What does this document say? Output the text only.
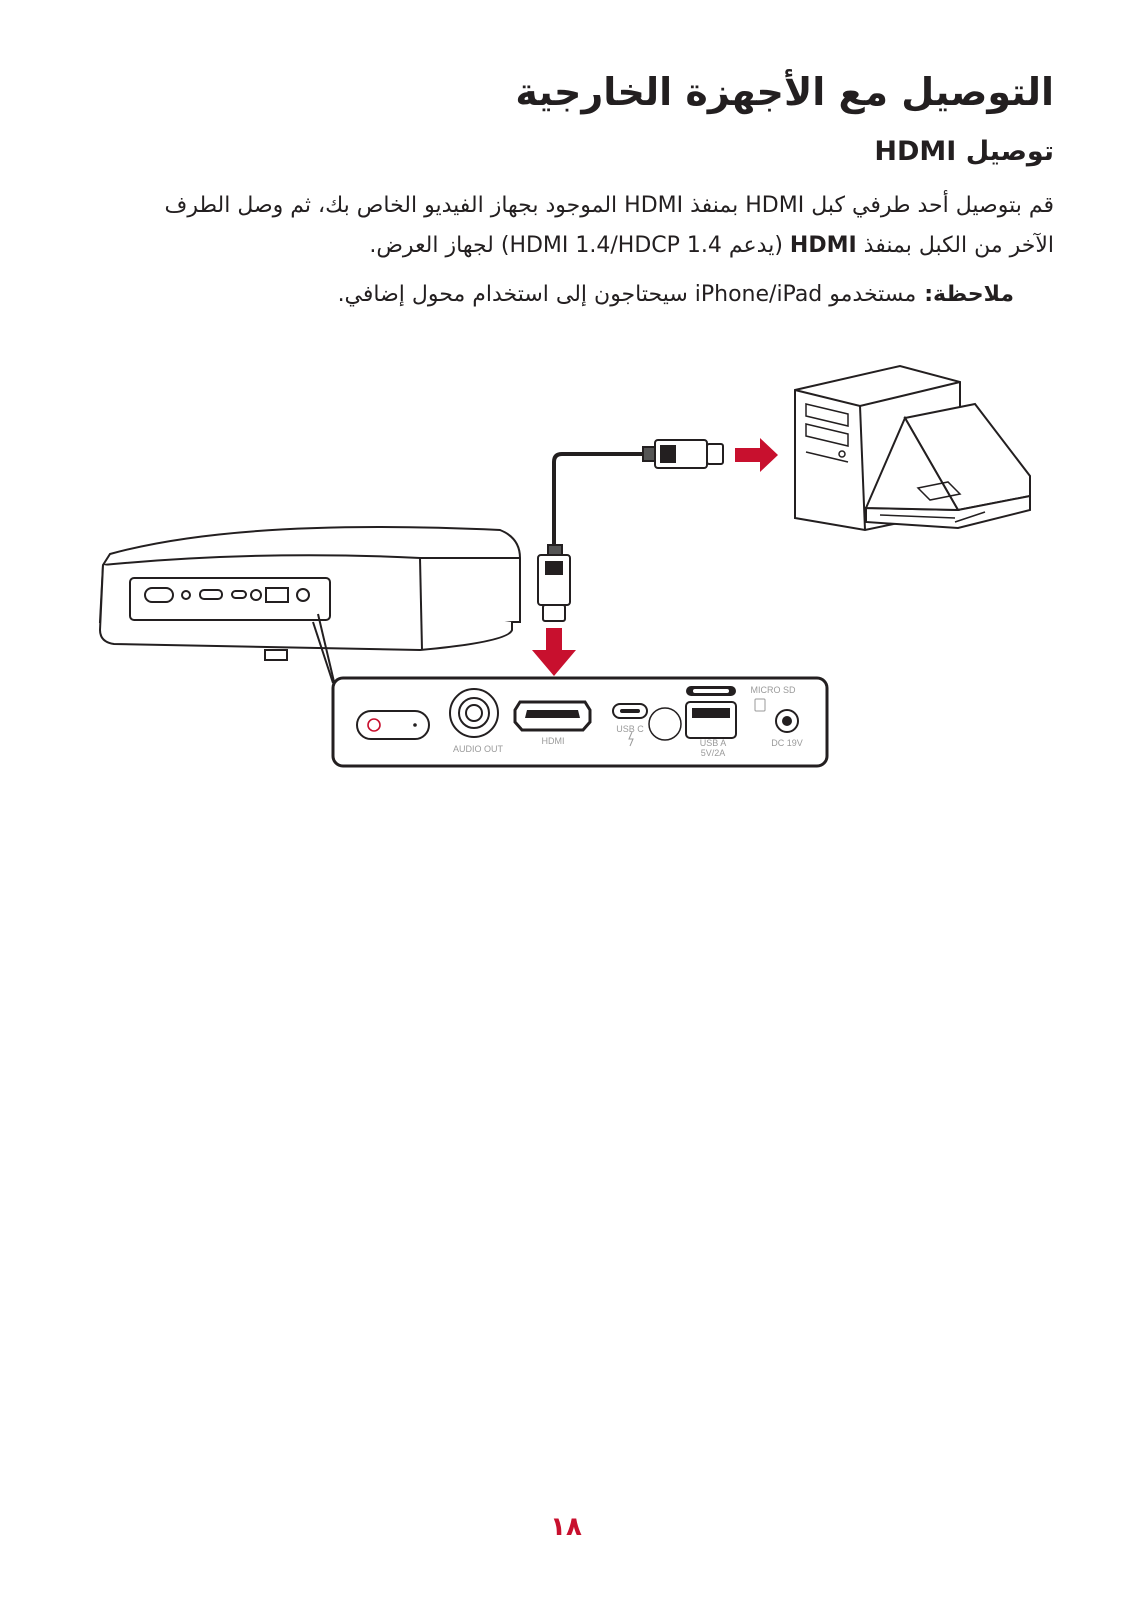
التوصيل مع الأجهزة الخارجية
توصيل HDMI

قم بتوصيل أحد طرفي كبل HDMI بمنفذ HDMI الموجود بجهاز الفيديو الخاص بك، ثم وصل الطرف الآخر من الكبل بمنفذ HDMI (يدعم HDMI 1.4/HDCP 1.4) لجهاز العرض.

ملاحظة:مستخدمو iPhone/iPad سيحتاجون إلى استخدام محول إضافي.

AUDIO OUT
HDMI
USB C
USB A
5V/2A
MICRO SD
DC 19V
١٨
